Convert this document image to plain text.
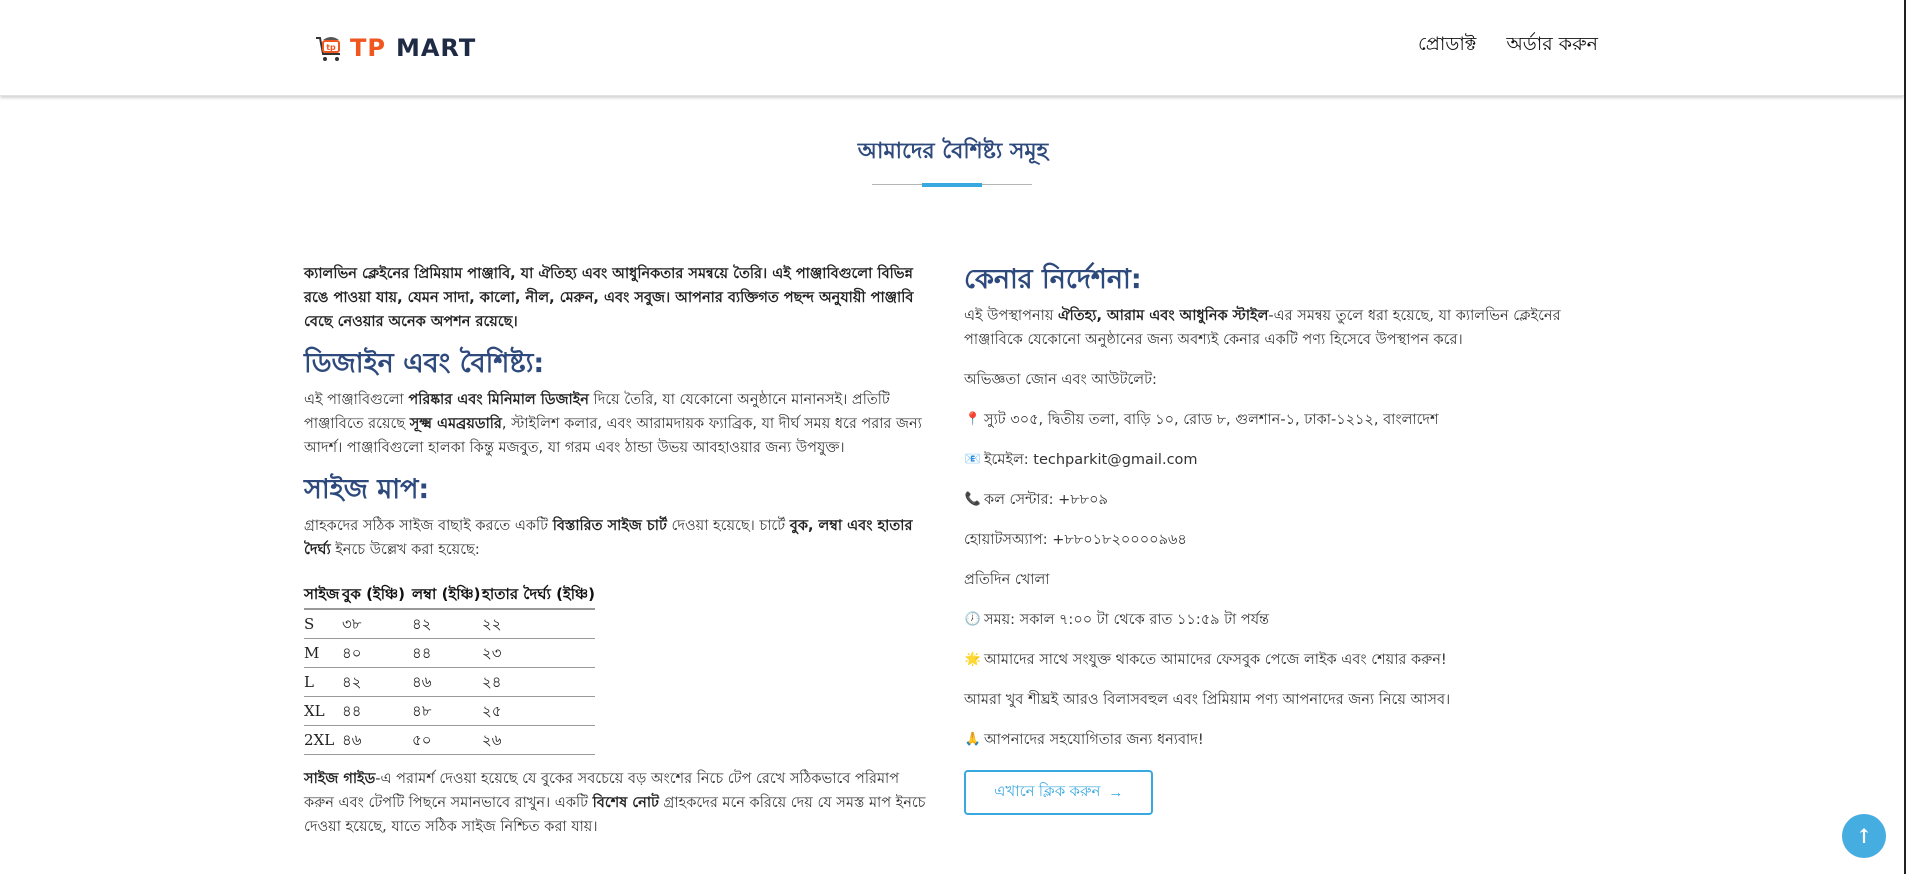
tp TP MART	প্রোডাক্ট অর্ডার করুন
আমাদের বৈশিষ্ট্য সমূহ

ক্যালভিন ক্লেইনের প্রিমিয়াম পাঞ্জাবি, যা ঐতিহ্য এবং আধুনিকতার সমন্বয়ে তৈরি। এই পাঞ্জাবিগুলো বিভিন্ন রঙে পাওয়া যায়, যেমন সাদা, কালো, নীল, মেরুন, এবং সবুজ। আপনার ব্যক্তিগত পছন্দ অনুযায়ী পাঞ্জাবি বেছে নেওয়ার অনেক অপশন রয়েছে।

ডিজাইন এবং বৈশিষ্ট্য:

এই পাঞ্জাবিগুলো পরিষ্কার এবং মিনিমাল ডিজাইন দিয়ে তৈরি, যা যেকোনো অনুষ্ঠানে মানানসই। প্রতিটি পাঞ্জাবিতে রয়েছে সূক্ষ্ম এমব্রয়ডারি, স্টাইলিশ কলার, এবং আরামদায়ক ফ্যাব্রিক, যা দীর্ঘ সময় ধরে পরার জন্য আদর্শ। পাঞ্জাবিগুলো হালকা কিন্তু মজবুত, যা গরম এবং ঠান্ডা উভয় আবহাওয়ার জন্য উপযুক্ত।

সাইজ মাপ:

গ্রাহকদের সঠিক সাইজ বাছাই করতে একটি বিস্তারিত সাইজ চার্ট দেওয়া হয়েছে। চার্টে বুক, লম্বা এবং হাতার দৈর্ঘ্য ইনচে উল্লেখ করা হয়েছে:

সাইজ	বুক (ইঞ্চি)	লম্বা (ইঞ্চি)	হাতার দৈর্ঘ্য (ইঞ্চি)
S	৩৮	৪২	২২
M	৪০	৪৪	২৩
L	৪২	৪৬	২৪
XL	৪৪	৪৮	২৫
2XL	৪৬	৫০	২৬

সাইজ গাইড-এ পরামর্শ দেওয়া হয়েছে যে বুকের সবচেয়ে বড় অংশের নিচে টেপ রেখে সঠিকভাবে পরিমাপ করুন এবং টেপটি পিছনে সমানভাবে রাখুন। একটি বিশেষ নোট গ্রাহকদের মনে করিয়ে দেয় যে সমস্ত মাপ ইনচে দেওয়া হয়েছে, যাতে সঠিক সাইজ নিশ্চিত করা যায়।

কেনার নির্দেশনা:

এই উপস্থাপনায় ঐতিহ্য, আরাম এবং আধুনিক স্টাইল-এর সমন্বয় তুলে ধরা হয়েছে, যা ক্যালভিন ক্লেইনের পাঞ্জাবিকে যেকোনো অনুষ্ঠানের জন্য অবশ্যই কেনার একটি পণ্য হিসেবে উপস্থাপন করে।

অভিজ্ঞতা জোন এবং আউটলেট:
📍 স্যুট ৩০৫, দ্বিতীয় তলা, বাড়ি ১০, রোড ৮, গুলশান-১, ঢাকা-১২১২, বাংলাদেশ
📧 ইমেইল: techparkit@gmail.com
📞 কল সেন্টার: +৮৮০৯
হোয়াটসঅ্যাপ: +৮৮০১৮২০০০০৯৬৪
প্রতিদিন খোলা
🕖 সময়: সকাল ৭:০০ টা থেকে রাত ১১:৫৯ টা পর্যন্ত
🌟 আমাদের সাথে সংযুক্ত থাকতে আমাদের ফেসবুক পেজে লাইক এবং শেয়ার করুন!
আমরা খুব শীঘ্রই আরও বিলাসবহুল এবং প্রিমিয়াম পণ্য আপনাদের জন্য নিয়ে আসব।
🙏 আপনাদের সহযোগিতার জন্য ধন্যবাদ!
এখানে ক্লিক করুন →
↑
